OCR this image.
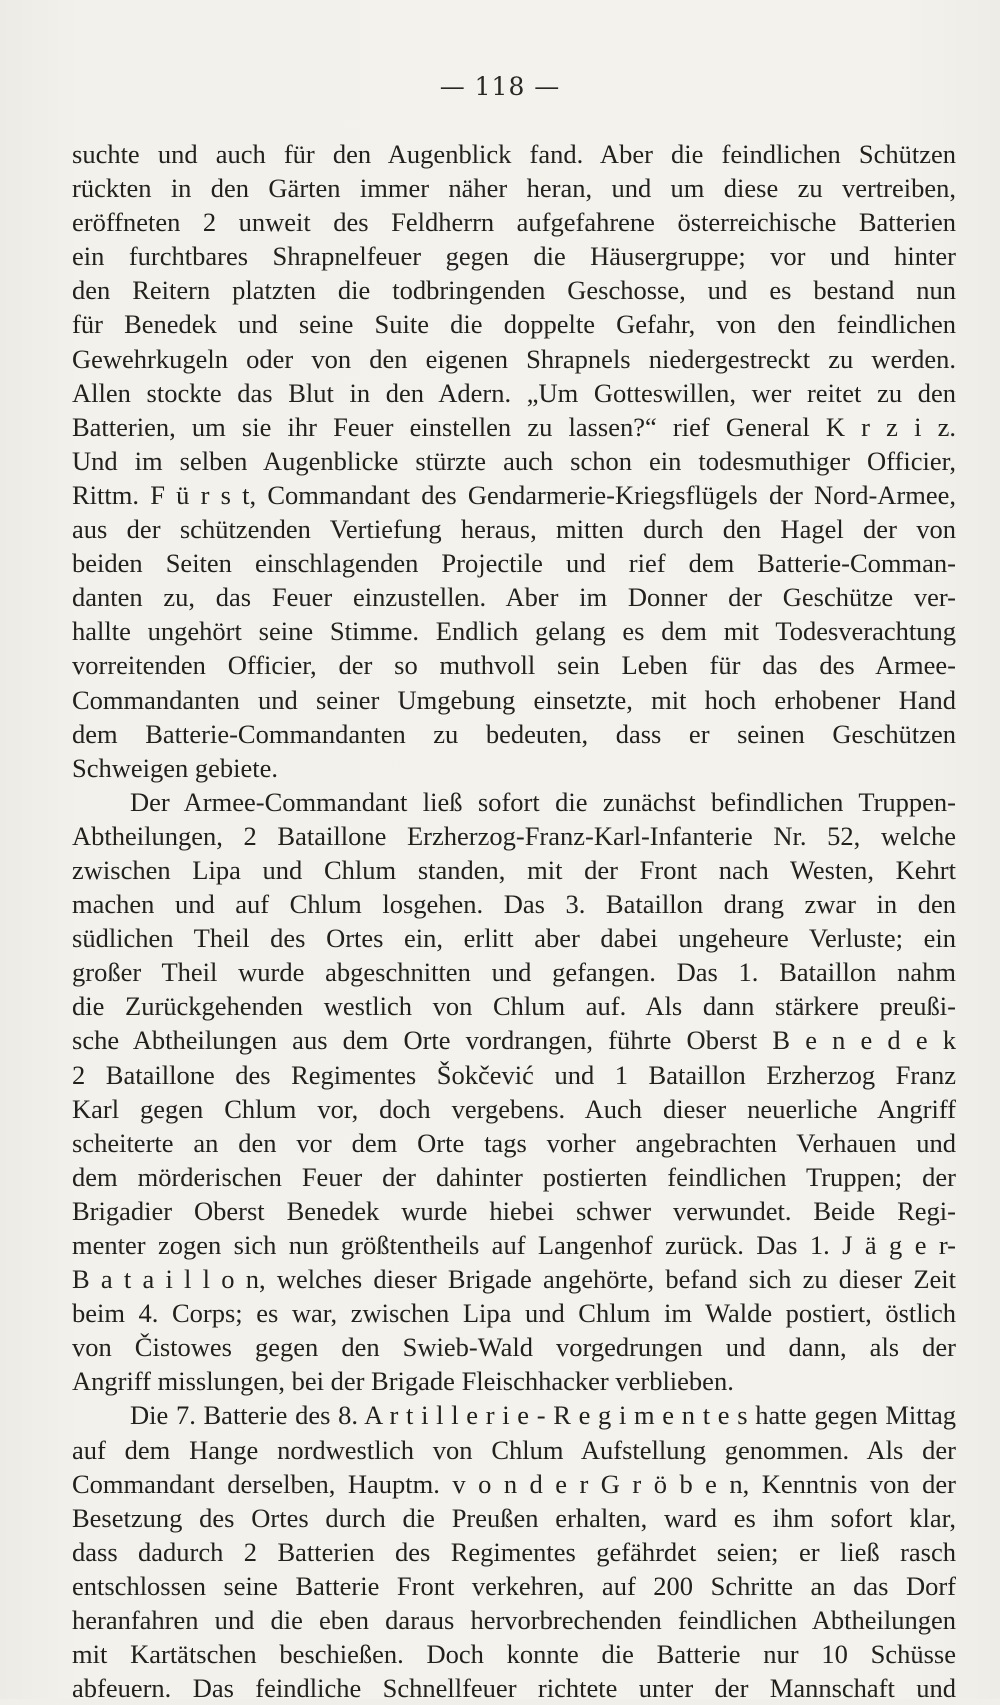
— 118 —
suchte und auch für den Augenblick fand. Aber die feindlichen Schützen
rückten in den Gärten immer näher heran, und um diese zu vertreiben,
eröffneten 2 unweit des Feldherrn aufgefahrene österreichische Batterien
ein furchtbares Shrapnelfeuer gegen die Häusergruppe; vor und hinter
den Reitern platzten die todbringenden Geschosse, und es bestand nun
für Benedek und seine Suite die doppelte Gefahr, von den feindlichen
Gewehrkugeln oder von den eigenen Shrapnels niedergestreckt zu werden.
Allen stockte das Blut in den Adern. „Um Gotteswillen, wer reitet zu den
Batterien, um sie ihr Feuer einstellen zu lassen?“ rief General K r z i z.
Und im selben Augenblicke stürzte auch schon ein todesmuthiger Officier,
Rittm. F ü r s t, Commandant des Gendarmerie-Kriegsflügels der Nord-Armee,
aus der schützenden Vertiefung heraus, mitten durch den Hagel der von
beiden Seiten einschlagenden Projectile und rief dem Batterie-Comman-
danten zu, das Feuer einzustellen. Aber im Donner der Geschütze ver-
hallte ungehört seine Stimme. Endlich gelang es dem mit Todesverachtung
vorreitenden Officier, der so muthvoll sein Leben für das des Armee-
Commandanten und seiner Umgebung einsetzte, mit hoch erhobener Hand
dem Batterie-Commandanten zu bedeuten, dass er seinen Geschützen
Schweigen gebiete.
Der Armee-Commandant ließ sofort die zunächst befindlichen Truppen-
Abtheilungen, 2 Bataillone Erzherzog-Franz-Karl-Infanterie Nr. 52, welche
zwischen Lipa und Chlum standen, mit der Front nach Westen, Kehrt
machen und auf Chlum losgehen. Das 3. Bataillon drang zwar in den
südlichen Theil des Ortes ein, erlitt aber dabei ungeheure Verluste; ein
großer Theil wurde abgeschnitten und gefangen. Das 1. Bataillon nahm
die Zurückgehenden westlich von Chlum auf. Als dann stärkere preußi-
sche Abtheilungen aus dem Orte vordrangen, führte Oberst B e n e d e k
2 Bataillone des Regimentes Šokčević und 1 Bataillon Erzherzog Franz
Karl gegen Chlum vor, doch vergebens. Auch dieser neuerliche Angriff
scheiterte an den vor dem Orte tags vorher angebrachten Verhauen und
dem mörderischen Feuer der dahinter postierten feindlichen Truppen; der
Brigadier Oberst Benedek wurde hiebei schwer verwundet. Beide Regi-
menter zogen sich nun größtentheils auf Langenhof zurück. Das 1. J ä g e r-
B a t a i l l o n, welches dieser Brigade angehörte, befand sich zu dieser Zeit
beim 4. Corps; es war, zwischen Lipa und Chlum im Walde postiert, östlich
von Čistowes gegen den Swieb-Wald vorgedrungen und dann, als der
Angriff misslungen, bei der Brigade Fleischhacker verblieben.
Die 7. Batterie des 8. A r t i l l e r i e - R e g i m e n t e s hatte gegen Mittag
auf dem Hange nordwestlich von Chlum Aufstellung genommen. Als der
Commandant derselben, Hauptm. v o n d e r G r ö b e n, Kenntnis von der
Besetzung des Ortes durch die Preußen erhalten, ward es ihm sofort klar,
dass dadurch 2 Batterien des Regimentes gefährdet seien; er ließ rasch
entschlossen seine Batterie Front verkehren, auf 200 Schritte an das Dorf
heranfahren und die eben daraus hervorbrechenden feindlichen Abtheilungen
mit Kartätschen beschießen. Doch konnte die Batterie nur 10 Schüsse
abfeuern. Das feindliche Schnellfeuer richtete unter der Mannschaft und
